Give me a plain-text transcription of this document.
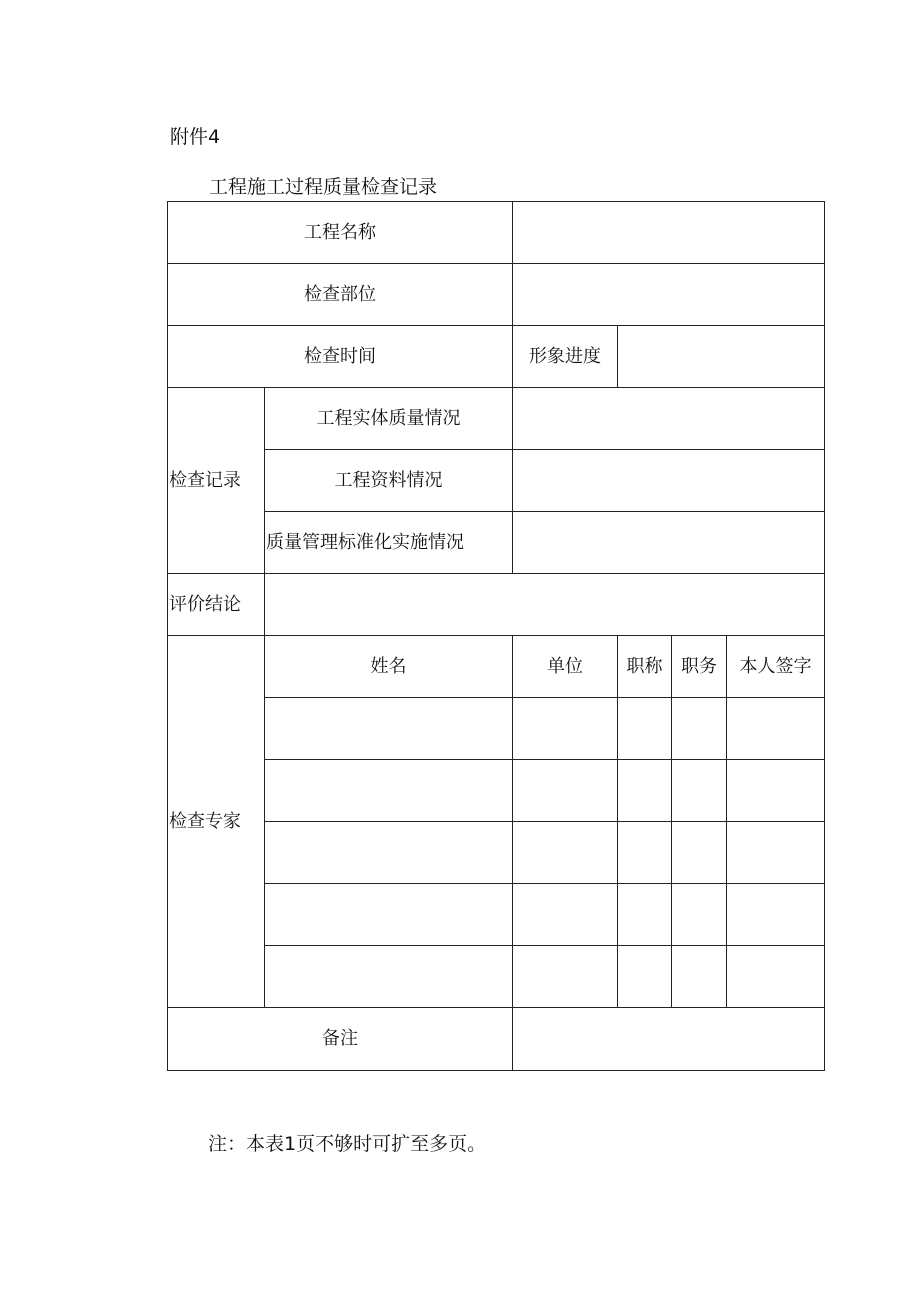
附件4
工程施工过程质量检查记录
工程名称					
检查部位					
检查时间		形象进度			
检查记录	工程实体质量情况				
	工程资料情况				
	质量管理标准化实施情况				
评价结论					
检查专家	姓名	单位	职称	职务	本人签字

备注					
注：本表1页不够时可扩至多页。
